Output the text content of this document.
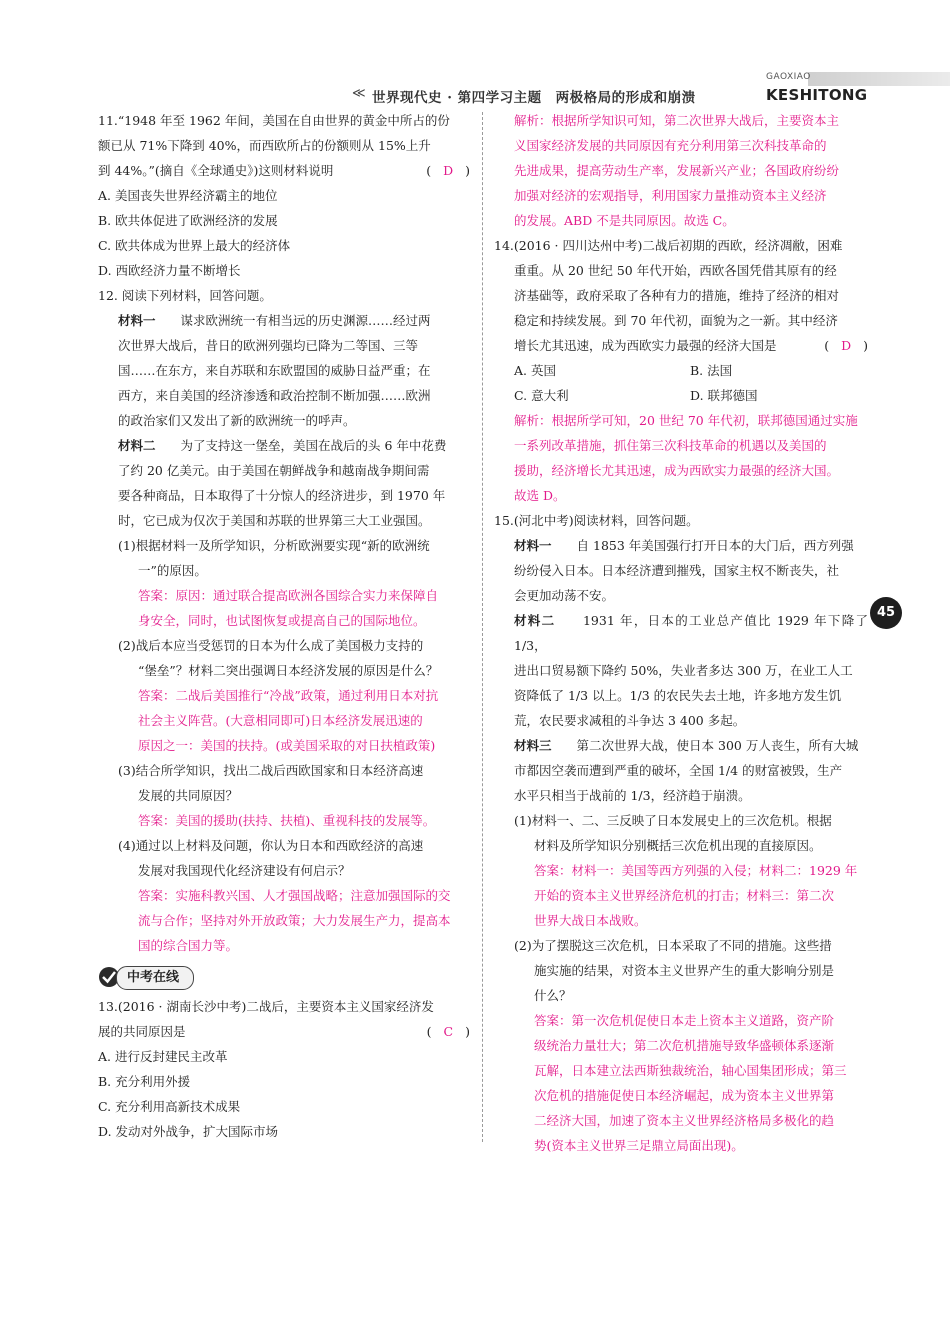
≪ 世界现代史 · 第四学习主题　两极格局的形成和崩溃
GAOXIAO
KESHITONG
45

11.“1948 年至 1962 年间，美国在自由世界的黄金中所占的份

额已从 71%下降到 40%，而西欧所占的份额则从 15%上升

到 44%。”(摘自《全球通史》)这则材料说明	( D )

A. 美国丧失世界经济霸主的地位

B. 欧共体促进了欧洲经济的发展

C. 欧共体成为世界上最大的经济体

D. 西欧经济力量不断增长

12. 阅读下列材料，回答问题。

材料一　　 谋求欧洲统一有相当远的历史渊源……经过两

次世界大战后，昔日的欧洲列强均已降为二等国、三等

国……在东方，来自苏联和东欧盟国的威胁日益严重；在

西方，来自美国的经济渗透和政治控制不断加强……欧洲

的政治家们又发出了新的欧洲统一的呼声。

材料二　　 为了支持这一堡垒，美国在战后的头 6 年中花费

了约 20 亿美元。由于美国在朝鲜战争和越南战争期间需

要各种商品，日本取得了十分惊人的经济进步，到 1970 年

时，它已成为仅次于美国和苏联的世界第三大工业强国。

(1)根据材料一及所学知识，分析欧洲要实现“新的欧洲统

一”的原因。

答案：原因：通过联合提高欧洲各国综合实力来保障自

身安全，同时，也试图恢复或提高自己的国际地位。

(2)战后本应当受惩罚的日本为什么成了美国极力支持的

“堡垒”？材料二突出强调日本经济发展的原因是什么？

答案：二战后美国推行“冷战”政策，通过利用日本对抗

社会主义阵营。(大意相同即可)日本经济发展迅速的

原因之一：美国的扶持。(或美国采取的对日扶植政策)

(3)结合所学知识，找出二战后西欧国家和日本经济高速

发展的共同原因？

答案：美国的援助(扶持、扶植)、重视科技的发展等。

(4)通过以上材料及问题，你认为日本和西欧经济的高速

发展对我国现代化经济建设有何启示？

答案：实施科教兴国、人才强国战略；注意加强国际的交

流与合作；坚持对外开放政策；大力发展生产力，提高本

国的综合国力等。

中考在线

13.(2016 · 湖南长沙中考)二战后，主要资本主义国家经济发

展的共同原因是	( C )

A. 进行反封建民主改革

B. 充分利用外援

C. 充分利用高新技术成果

D. 发动对外战争，扩大国际市场

解析：根据所学知识可知，第二次世界大战后，主要资本主

义国家经济发展的共同原因有充分利用第三次科技革命的

先进成果，提高劳动生产率，发展新兴产业；各国政府纷纷

加强对经济的宏观指导，利用国家力量推动资本主义经济

的发展。ABD 不是共同原因。故选 C。

14.(2016 · 四川达州中考)二战后初期的西欧，经济凋敝，困难

重重。从 20 世纪 50 年代开始，西欧各国凭借其原有的经

济基础等，政府采取了各种有力的措施，维持了经济的相对

稳定和持续发展。到 70 年代初，面貌为之一新。其中经济

增长尤其迅速，成为西欧实力最强的经济大国是	( D )

A. 英国	B. 法国

C. 意大利	D. 联邦德国

解析：根据所学可知，20 世纪 70 年代初，联邦德国通过实施

一系列改革措施，抓住第三次科技革命的机遇以及美国的

援助，经济增长尤其迅速，成为西欧实力最强的经济大国。

故选 D。

15.(河北中考)阅读材料，回答问题。

材料一　　 自 1853 年美国强行打开日本的大门后，西方列强

纷纷侵入日本。日本经济遭到摧残，国家主权不断丧失，社

会更加动荡不安。

材料二　　 1931 年，日本的工业总产值比 1929 年下降了 1/3，

进出口贸易额下降约 50%，失业者多达 300 万，在业工人工

资降低了 1/3 以上。1/3 的农民失去土地，许多地方发生饥

荒，农民要求减租的斗争达 3 400 多起。

材料三　　 第二次世界大战，使日本 300 万人丧生，所有大城

市都因空袭而遭到严重的破坏，全国 1/4 的财富被毁，生产

水平只相当于战前的 1/3，经济趋于崩溃。

(1)材料一、二、三反映了日本发展史上的三次危机。根据

材料及所学知识分别概括三次危机出现的直接原因。

答案：材料一：美国等西方列强的入侵；材料二：1929 年

开始的资本主义世界经济危机的打击；材料三：第二次

世界大战日本战败。

(2)为了摆脱这三次危机，日本采取了不同的措施。这些措

施实施的结果，对资本主义世界产生的重大影响分别是

什么？

答案：第一次危机促使日本走上资本主义道路，资产阶

级统治力量壮大；第二次危机措施导致华盛顿体系逐渐

瓦解，日本建立法西斯独裁统治，轴心国集团形成；第三

次危机的措施促使日本经济崛起，成为资本主义世界第

二经济大国，加速了资本主义世界经济格局多极化的趋

势(资本主义世界三足鼎立局面出现)。
